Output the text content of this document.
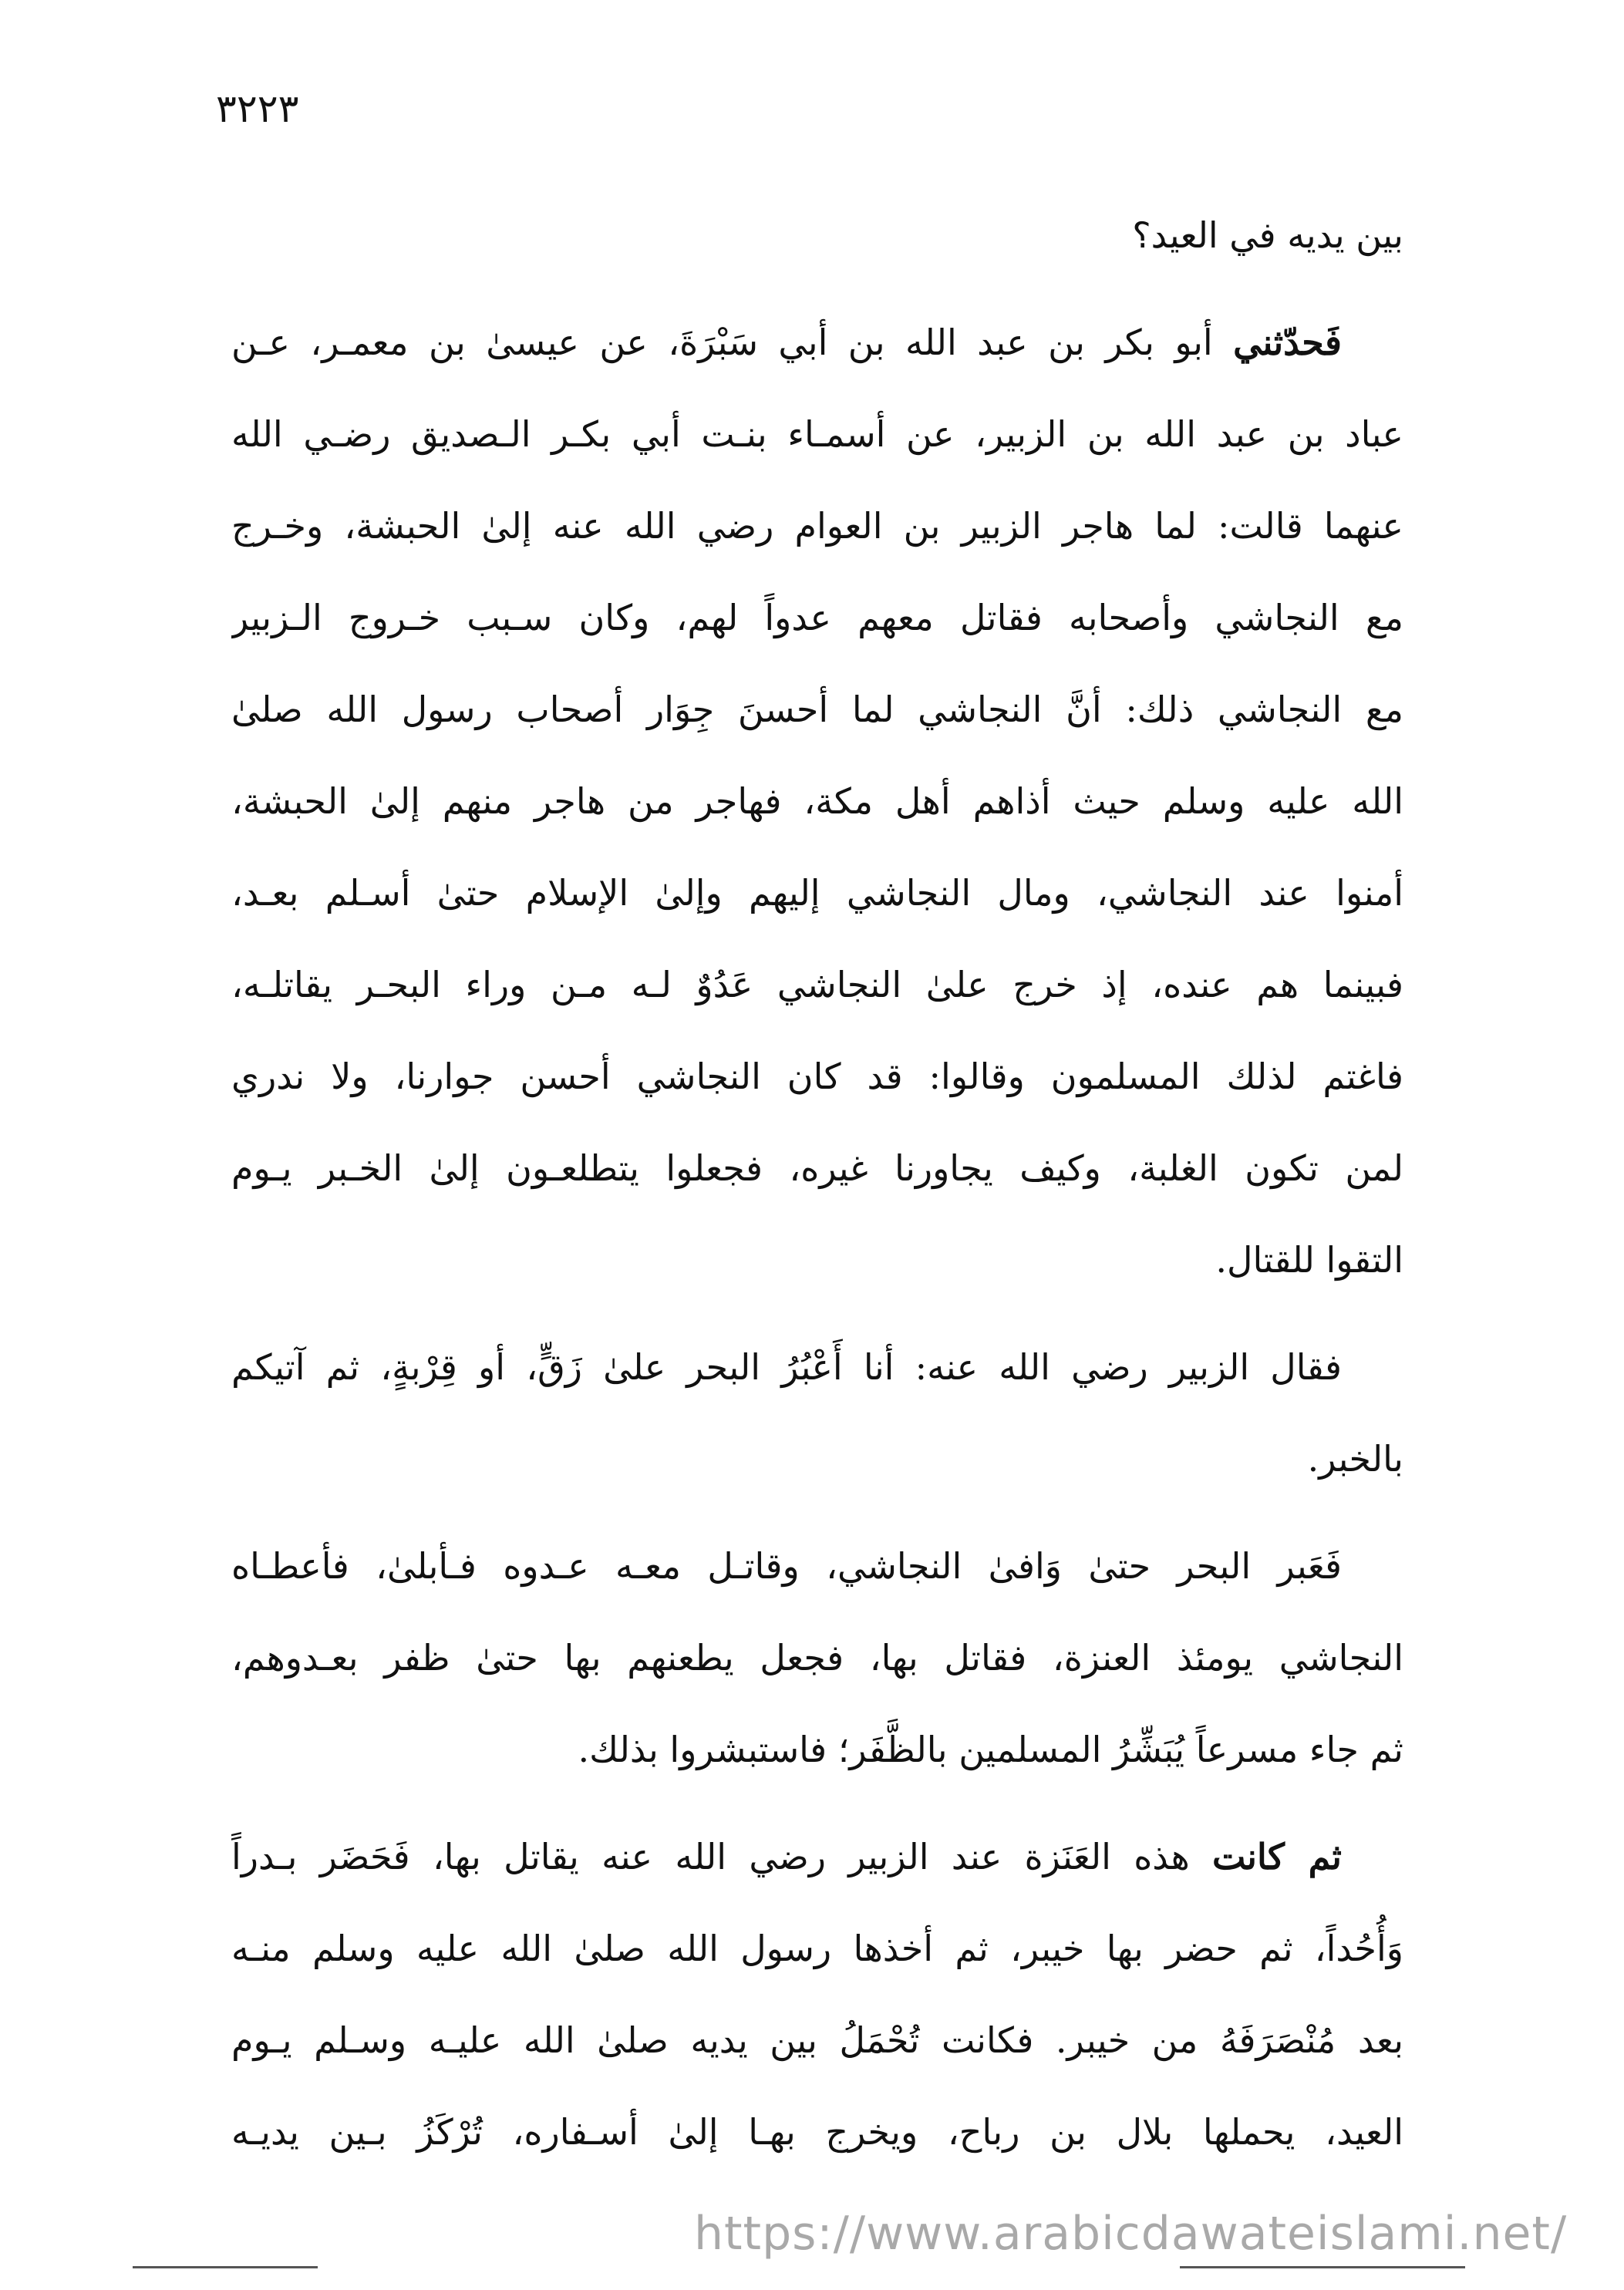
٣٢٢٣
بين يديه في العيد؟
فَحدّثني أبو بكر بن عبد الله بن أبي سَبْرَةَ، عن عيسىٰ بن معمـر، عـن
عباد بن عبد الله بن الزبير، عن أسمـاء بنـت أبي بكـر الـصديق رضـي الله
عنهما قالت: لما هاجر الزبير بن العوام رضي الله عنه إلىٰ الحبشة، وخـرج
مع النجاشي وأصحابه فقاتل معهم عدواً لهم، وكان سـبب خـروج الـزبير
مع النجاشي ذلك: أنَّ النجاشي لما أحسنَ جِوَار أصحاب رسول الله صلىٰ
الله عليه وسلم حيث أذاهم أهل مكة، فهاجر من هاجر منهم إلىٰ الحبشة،
أمنوا عند النجاشي، ومال النجاشي إليهم وإلىٰ الإسلام حتىٰ أسـلم بعـد،
فبينما هم عنده، إذ خرج علىٰ النجاشي عَدُوٌ لـه مـن وراء البحـر يقاتلـه،
فاغتم لذلك المسلمون وقالوا: قد كان النجاشي أحسن جوارنا، ولا ندري
لمن تكون الغلبة، وكيف يجاورنا غيره، فجعلوا يتطلعـون إلىٰ الخـبر يـوم
التقوا للقتال.
فقال الزبير رضي الله عنه: أنا أَعْبُرُ البحر علىٰ زَقٍّ، أو قِرْبةٍ، ثم آتيكم
بالخبر.
فَعَبر البحر حتىٰ وَافىٰ النجاشي، وقاتـل معـه عـدوه فـأبلىٰ، فأعطـاه
النجاشي يومئذ العنزة، فقاتل بها، فجعل يطعنهم بها حتىٰ ظفر بعـدوهم،
ثم جاء مسرعاً يُبَشِّرُ المسلمين بالظَّفَر؛ فاستبشروا بذلك.
ثم كانت هذه العَنَزة عند الزبير رضي الله عنه يقاتل بها، فَحَضَر بـدراً
وَأُحُداً، ثم حضر بها خيبر، ثم أخذها رسول الله صلىٰ الله عليه وسلم منـه
بعد مُنْصَرَفَهُ من خيبر. فكانت تُحْمَلُ بين يديه صلىٰ الله عليـه وسـلم يـوم
العيد، يحملها بلال بن رباح، ويخرج بهـا إلىٰ أسـفاره، تُرْكَزُ بـين يديـه
https://www.arabicdawateislami.net/
